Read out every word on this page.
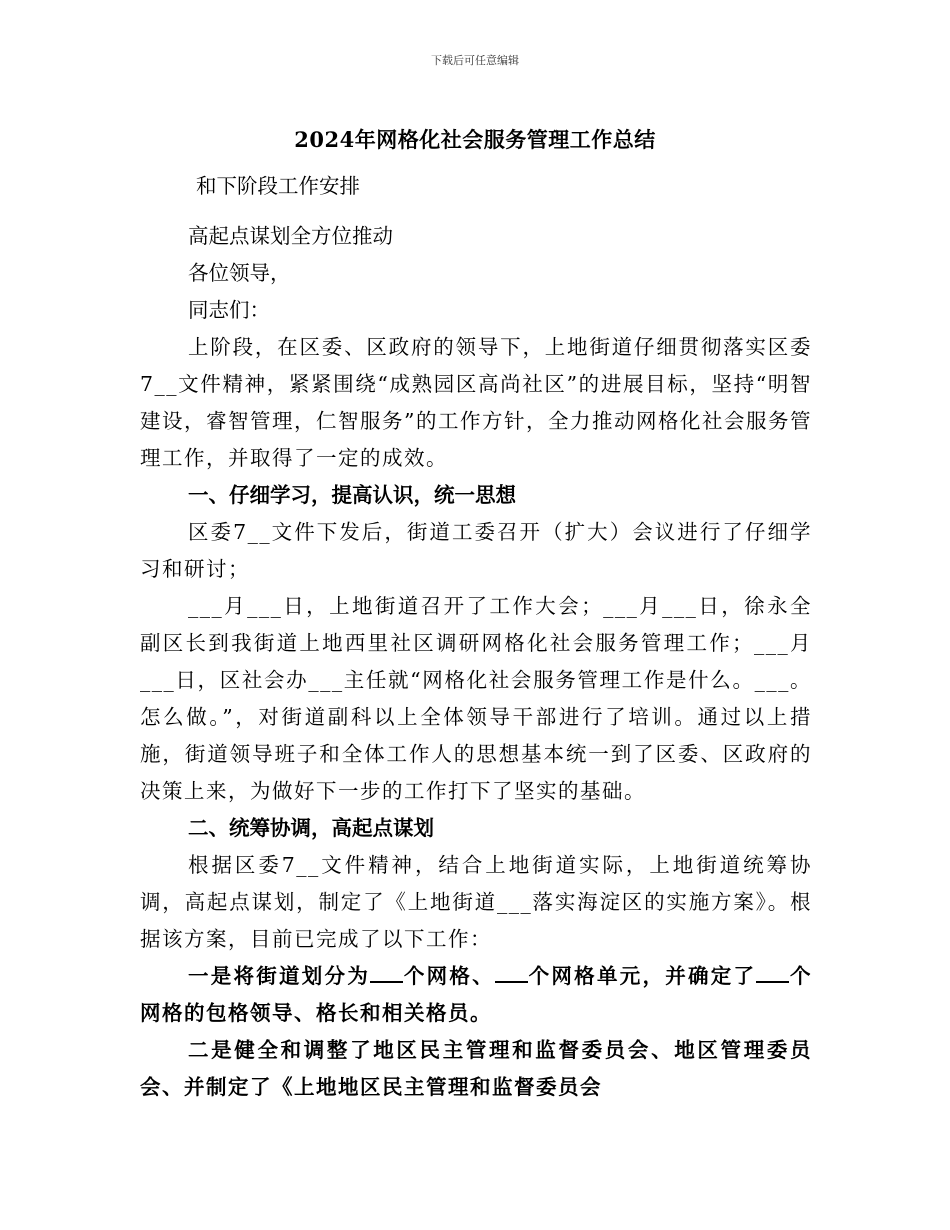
下载后可任意编辑
2024年网格化社会服务管理工作总结
和下阶段工作安排
高起点谋划全方位推动
各位领导，
同志们：
上阶段，在区委、区政府的领导下，上地街道仔细贯彻落实区委7__文件精神，紧紧围绕“成熟园区高尚社区”的进展目标，坚持“明智建设，睿智管理，仁智服务”的工作方针，全力推动网格化社会服务管理工作，并取得了一定的成效。
一、仔细学习，提高认识，统一思想
区委7__文件下发后，街道工委召开（扩大）会议进行了仔细学习和研讨；
___月___日，上地街道召开了工作大会；___月___日，徐永全副区长到我街道上地西里社区调研网格化社会服务管理工作；___月___日，区社会办___主任就“网格化社会服务管理工作是什么。___。怎么做。”，对街道副科以上全体领导干部进行了培训。通过以上措施，街道领导班子和全体工作人的思想基本统一到了区委、区政府的决策上来，为做好下一步的工作打下了坚实的基础。
二、统筹协调，高起点谋划
根据区委7__文件精神，结合上地街道实际，上地街道统筹协调，高起点谋划，制定了《上地街道___落实海淀区的实施方案》。根据该方案，目前已完成了以下工作：
一是将街道划分为 个网格、 个网格单元，并确定了 个网格的包格领导、格长和相关格员。
二是健全和调整了地区民主管理和监督委员会、地区管理委员会、并制定了《上地地区民主管理和监督委员会
